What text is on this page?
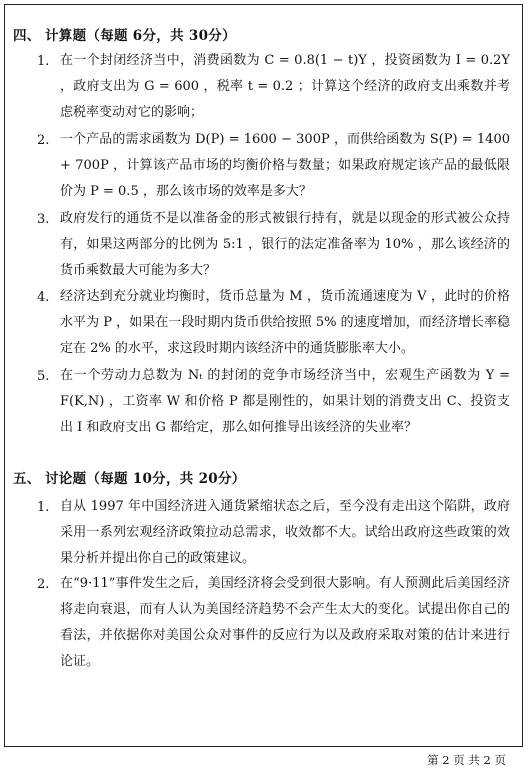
四、 计算题（每题 6分，共 30分）
1. 在一个封闭经济当中，消费函数为 C = 0.8(1 − t)Y ，投资函数为 I = 0.2Y ，政府支出为 G = 600 ，税率 t = 0.2 ；计算这个经济的政府支出乘数并考虑税率变动对它的影响；
2. 一个产品的需求函数为 D(P) = 1600 − 300P ，而供给函数为 S(P) = 1400 + 700P ，计算该产品市场的均衡价格与数量；如果政府规定该产品的最低限价为 P = 0.5 ，那么该市场的效率是多大？
3. 政府发行的通货不是以准备金的形式被银行持有，就是以现金的形式被公众持有，如果这两部分的比例为 5:1 ，银行的法定准备率为 10% ，那么该经济的货币乘数最大可能为多大？
4. 经济达到充分就业均衡时，货币总量为 M ，货币流通速度为 V ，此时的价格水平为 P ，如果在一段时期内货币供给按照 5% 的速度增加，而经济增长率稳定在 2% 的水平，求这段时期内该经济中的通货膨胀率大小。
5. 在一个劳动力总数为 Nₜ 的封闭的竞争市场经济当中，宏观生产函数为 Y = F(K,N) ，工资率 W 和价格 P 都是刚性的，如果计划的消费支出 C、投资支出 I 和政府支出 G 都给定，那么如何推导出该经济的失业率？
五、 讨论题（每题 10分，共 20分）
1. 自从 1997 年中国经济进入通货紧缩状态之后，至今没有走出这个陷阱，政府采用一系列宏观经济政策拉动总需求，收效都不大。试给出政府这些政策的效果分析并提出你自己的政策建议。
2. 在“9·11”事件发生之后，美国经济将会受到很大影响。有人预测此后美国经济将走向衰退，而有人认为美国经济趋势不会产生太大的变化。试提出你自己的看法，并依据你对美国公众对事件的反应行为以及政府采取对策的估计来进行论证。
第 2 页 共 2 页
